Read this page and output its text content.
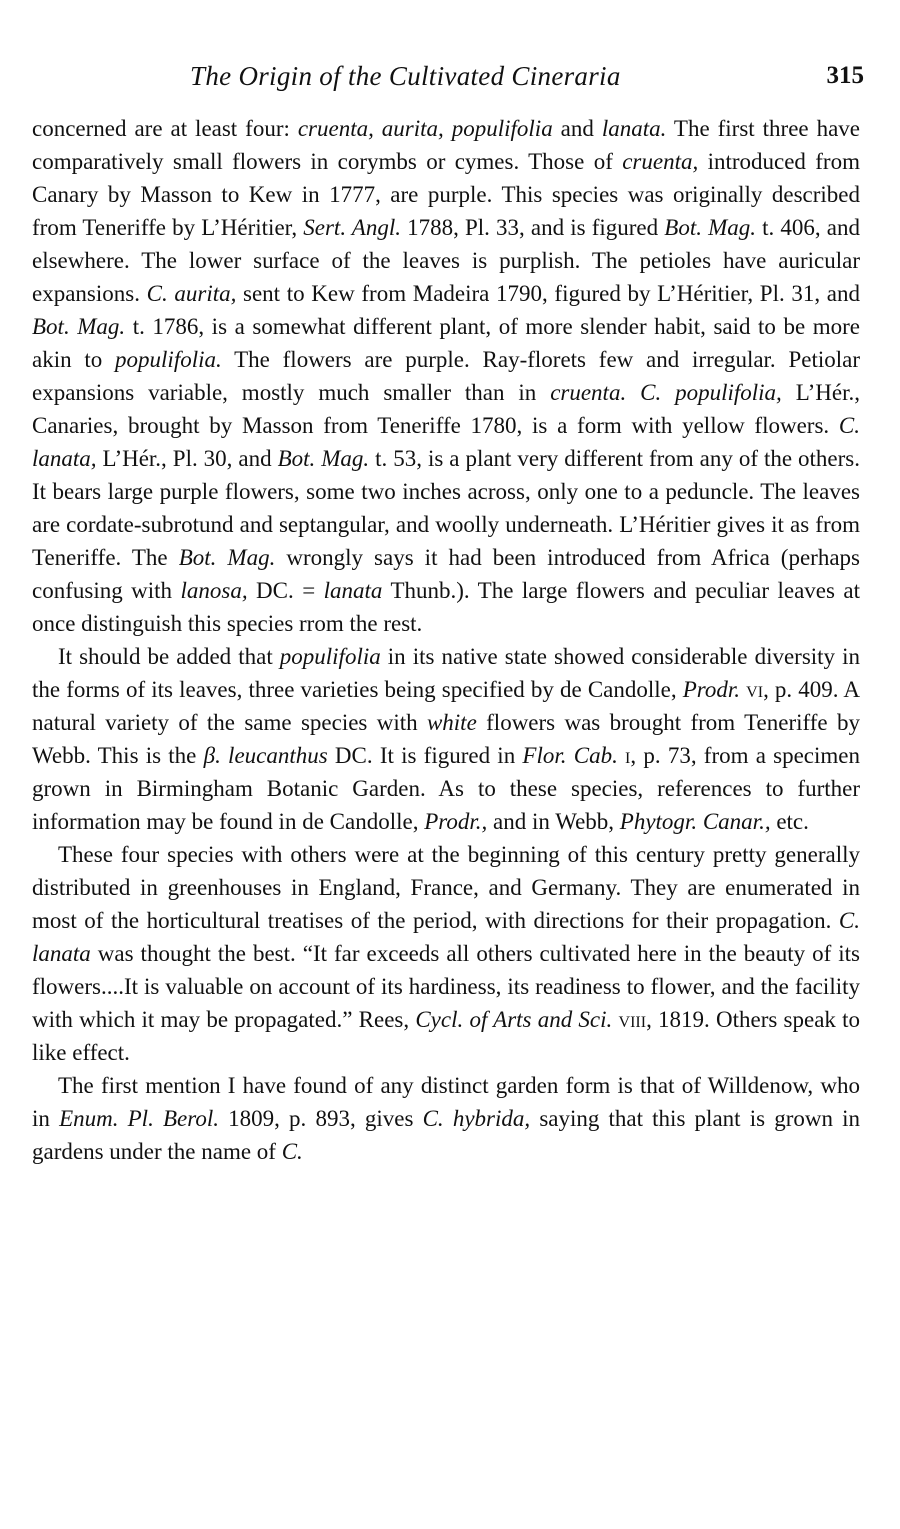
The Origin of the Cultivated Cineraria	315

concerned are at least four: cruenta, aurita, populifolia and lanata. The first three have comparatively small flowers in corymbs or cymes. Those of cruenta, introduced from Canary by Masson to Kew in 1777, are purple. This species was originally described from Teneriffe by L’Héritier, Sert. Angl. 1788, Pl. 33, and is figured Bot. Mag. t. 406, and elsewhere. The lower surface of the leaves is purplish. The petioles have auricular expansions. C. aurita, sent to Kew from Madeira 1790, figured by L’Héritier, Pl. 31, and Bot. Mag. t. 1786, is a somewhat different plant, of more slender habit, said to be more akin to populifolia. The flowers are purple. Ray-florets few and irregular. Petiolar expansions variable, mostly much smaller than in cruenta. C. populifolia, L’Hér., Canaries, brought by Masson from Teneriffe 1780, is a form with yellow flowers. C. lanata, L’Hér., Pl. 30, and Bot. Mag. t. 53, is a plant very different from any of the others. It bears large purple flowers, some two inches across, only one to a peduncle. The leaves are cordate-subrotund and septangular, and woolly underneath. L’Héritier gives it as from Teneriffe. The Bot. Mag. wrongly says it had been introduced from Africa (perhaps confusing with lanosa, DC. = lanata Thunb.). The large flowers and peculiar leaves at once distinguish this species rrom the rest.

It should be added that populifolia in its native state showed considerable diversity in the forms of its leaves, three varieties being specified by de Candolle, Prodr. vi, p. 409. A natural variety of the same species with white flowers was brought from Teneriffe by Webb. This is the β. leucanthus DC. It is figured in Flor. Cab. i, p. 73, from a specimen grown in Birmingham Botanic Garden. As to these species, references to further information may be found in de Candolle, Prodr., and in Webb, Phytogr. Canar., etc.

These four species with others were at the beginning of this century pretty generally distributed in greenhouses in England, France, and Germany. They are enumerated in most of the horticultural treatises of the period, with directions for their propagation. C. lanata was thought the best. “It far exceeds all others cultivated here in the beauty of its flowers....It is valuable on account of its hardiness, its readiness to flower, and the facility with which it may be propagated.” Rees, Cycl. of Arts and Sci. viii, 1819. Others speak to like effect.

The first mention I have found of any distinct garden form is that of Willdenow, who in Enum. Pl. Berol. 1809, p. 893, gives C. hybrida, saying that this plant is grown in gardens under the name of C.
